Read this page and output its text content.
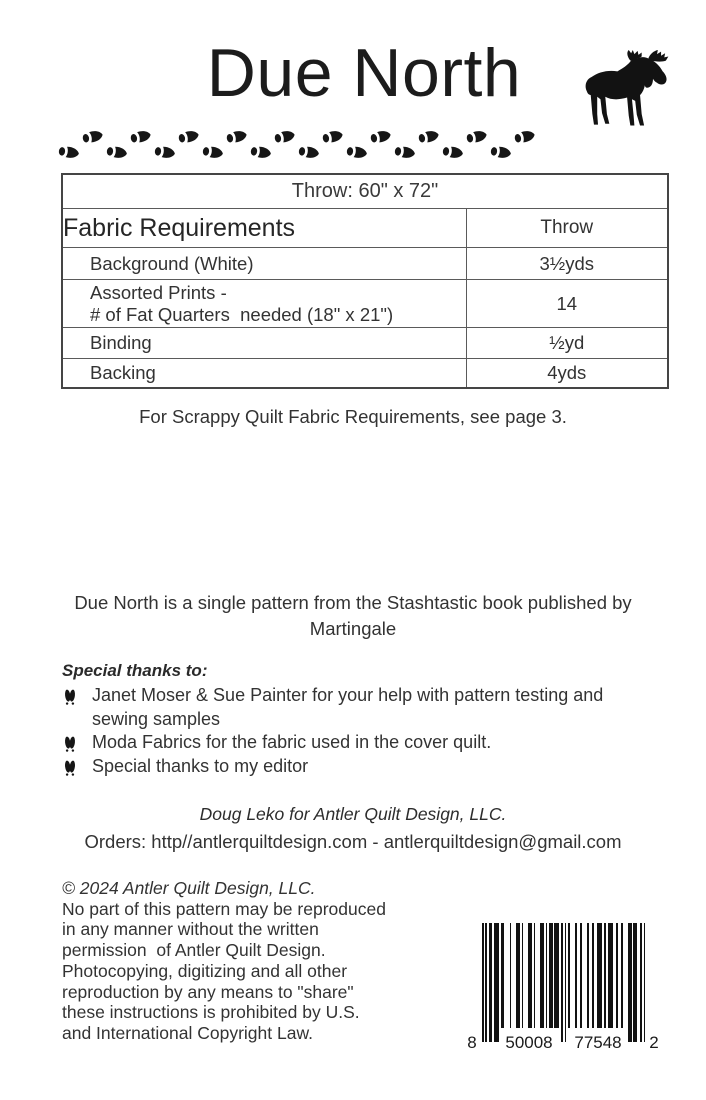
Due North
Throw: 60" x 72"	
Fabric Requirements	Throw

Background (White)	3½yds

Assorted Prints -
# of Fat Quarters  needed (18" x 21")	14

Binding	½yd

Backing	4yds

For Scrappy Quilt Fabric Requirements, see page 3.

Due North is a single pattern from the Stashtastic book published by
Martingale

Special thanks to:
Janet Moser & Sue Painter for your help with pattern testing and sewing samples
Moda Fabrics for the fabric used in the cover quilt.
Special thanks to my editor

Doug Leko for Antler Quilt Design, LLC.

Orders: http//antlerquiltdesign.com - antlerquiltdesign@gmail.com

© 2024 Antler Quilt Design, LLC.
No part of this pattern may be reproduced
in any manner without the written
permission  of Antler Quilt Design.
Photocopying, digitizing and all other
reproduction by any means to "share"
these instructions is prohibited by U.S.
and International Copyright Law.	8 50008 77548 2
